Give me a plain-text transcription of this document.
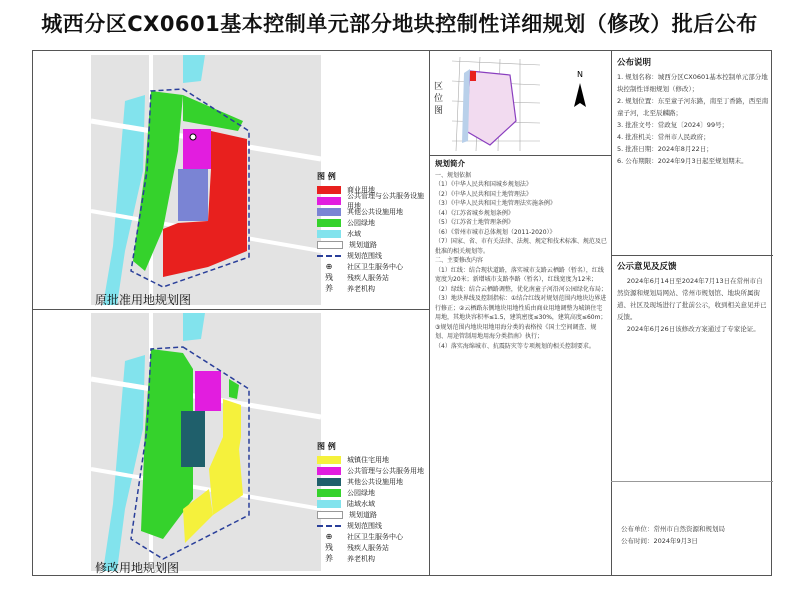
城西分区CX0601基本控制单元部分地块控制性详细规划（修改）批后公布
原批准用地规划图
图 例
商业用地
公共管理与公共服务设施用地
其他公共设施用地
公园绿地
水域
规划道路
规划范围线
⊕	社区卫生服务中心
残	残疾人服务站
养	养老机构
修改用地规划图
图 例
城镇住宅用地
公共管理与公共服务用地
其他公共设施用地
公园绿地
陆域水域
规划道路
规划范围线
⊕	社区卫生服务中心
残	残疾人服务站
养	养老机构
区位图
N
规划简介

一、规划依据

（1）《中华人民共和国城乡规划法》

（2）《中华人民共和国土地管理法》

（3）《中华人民共和国土地管理法实施条例》

（4）《江苏省城乡规划条例》

（5）《江苏省土地管理条例》

（6）《常州市城市总体规划（2011-2020）》

（7）国家、省、市有关法律、法规、规定和技术标准、规范及已批准的相关规划等。

二、主要修改内容

（1）红线：结合现状道路，落实城市支路云栖路（暂名），红线宽度为20米；新增城市支路李路（暂名），红线宽度为12米；

（2）绿线：结合云栖路调整，优化南童子河沿河公园绿化布局；

（3）地块界线及控制指标：①结合红线对规划范围内地块边界进行修正；②云栖路东侧地块用地性质由商业用地调整为城镇住宅用地，其地块容积率≤1.5，建筑密度≤30%，建筑高度≤60m；③规划范围内地块用地用海分类的表格按《国土空间调查、规划、用途管制用地用海分类指南》执行；

（4）落实海绵城市、抗震防灾等专项规划的相关控制要求。

公布说明

1. 规划名称：城西分区CX0601基本控制单元部分地块控制性详细规划（修改）；

2. 规划位置：东至童子河东路，南至丁香路，西至南童子河，北至辰麟路；

3. 批准文号：常政复〔2024〕99号；

4. 批准机关：常州市人民政府；

5. 批准日期：2024年8月22日；

6. 公布期限：2024年9月3日起至规划期末。

公示意见及反馈

2024年6月14日至2024年7月13日在常州市自然资源和规划局网站、常州市规划馆、地块所属街道、社区及现场进行了批前公示，收到相关意见并已反馈。

2024年6月26日该修改方案通过了专家论证。

公布单位：常州市自然资源和规划局

公布时间：2024年9月3日
